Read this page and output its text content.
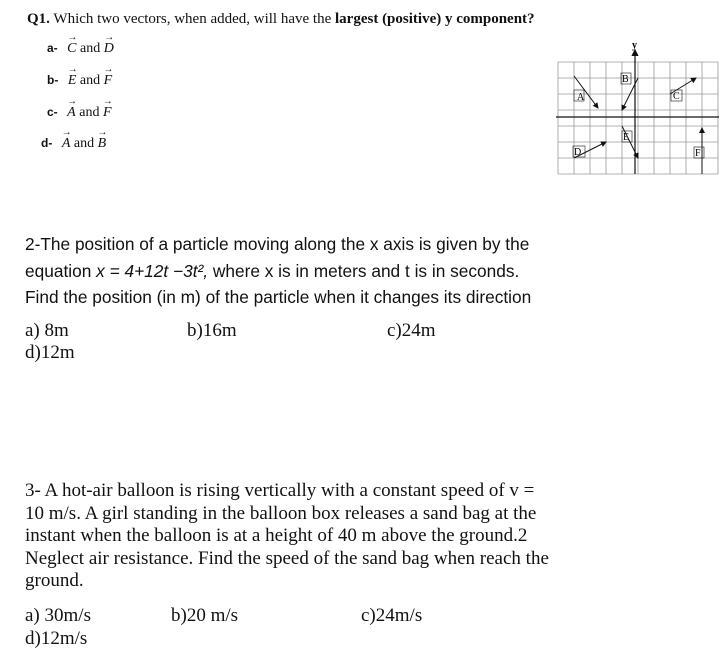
Q1. Which two vectors, when added, will have the largest (positive) y component?
a- → C and → D
b- → E and → F
c- → A and → F
d- → A and → B
y
A
B
C
D
E
F
2-The position of a particle moving along the x axis is given by the
equation x = 4+12t −3t², where x is in meters and t is in seconds.
Find the position (in m) of the particle when it changes its direction
a) 8m	b)16m	c)24m
d)12m
3- A hot-air balloon is rising vertically with a constant speed of v =
10 m/s. A girl standing in the balloon box releases a sand bag at the
instant when the balloon is at a height of 40 m above the ground.2
Neglect air resistance. Find the speed of the sand bag when reach the
ground.
a) 30m/s	b)20 m/s	c)24m/s
d)12m/s
